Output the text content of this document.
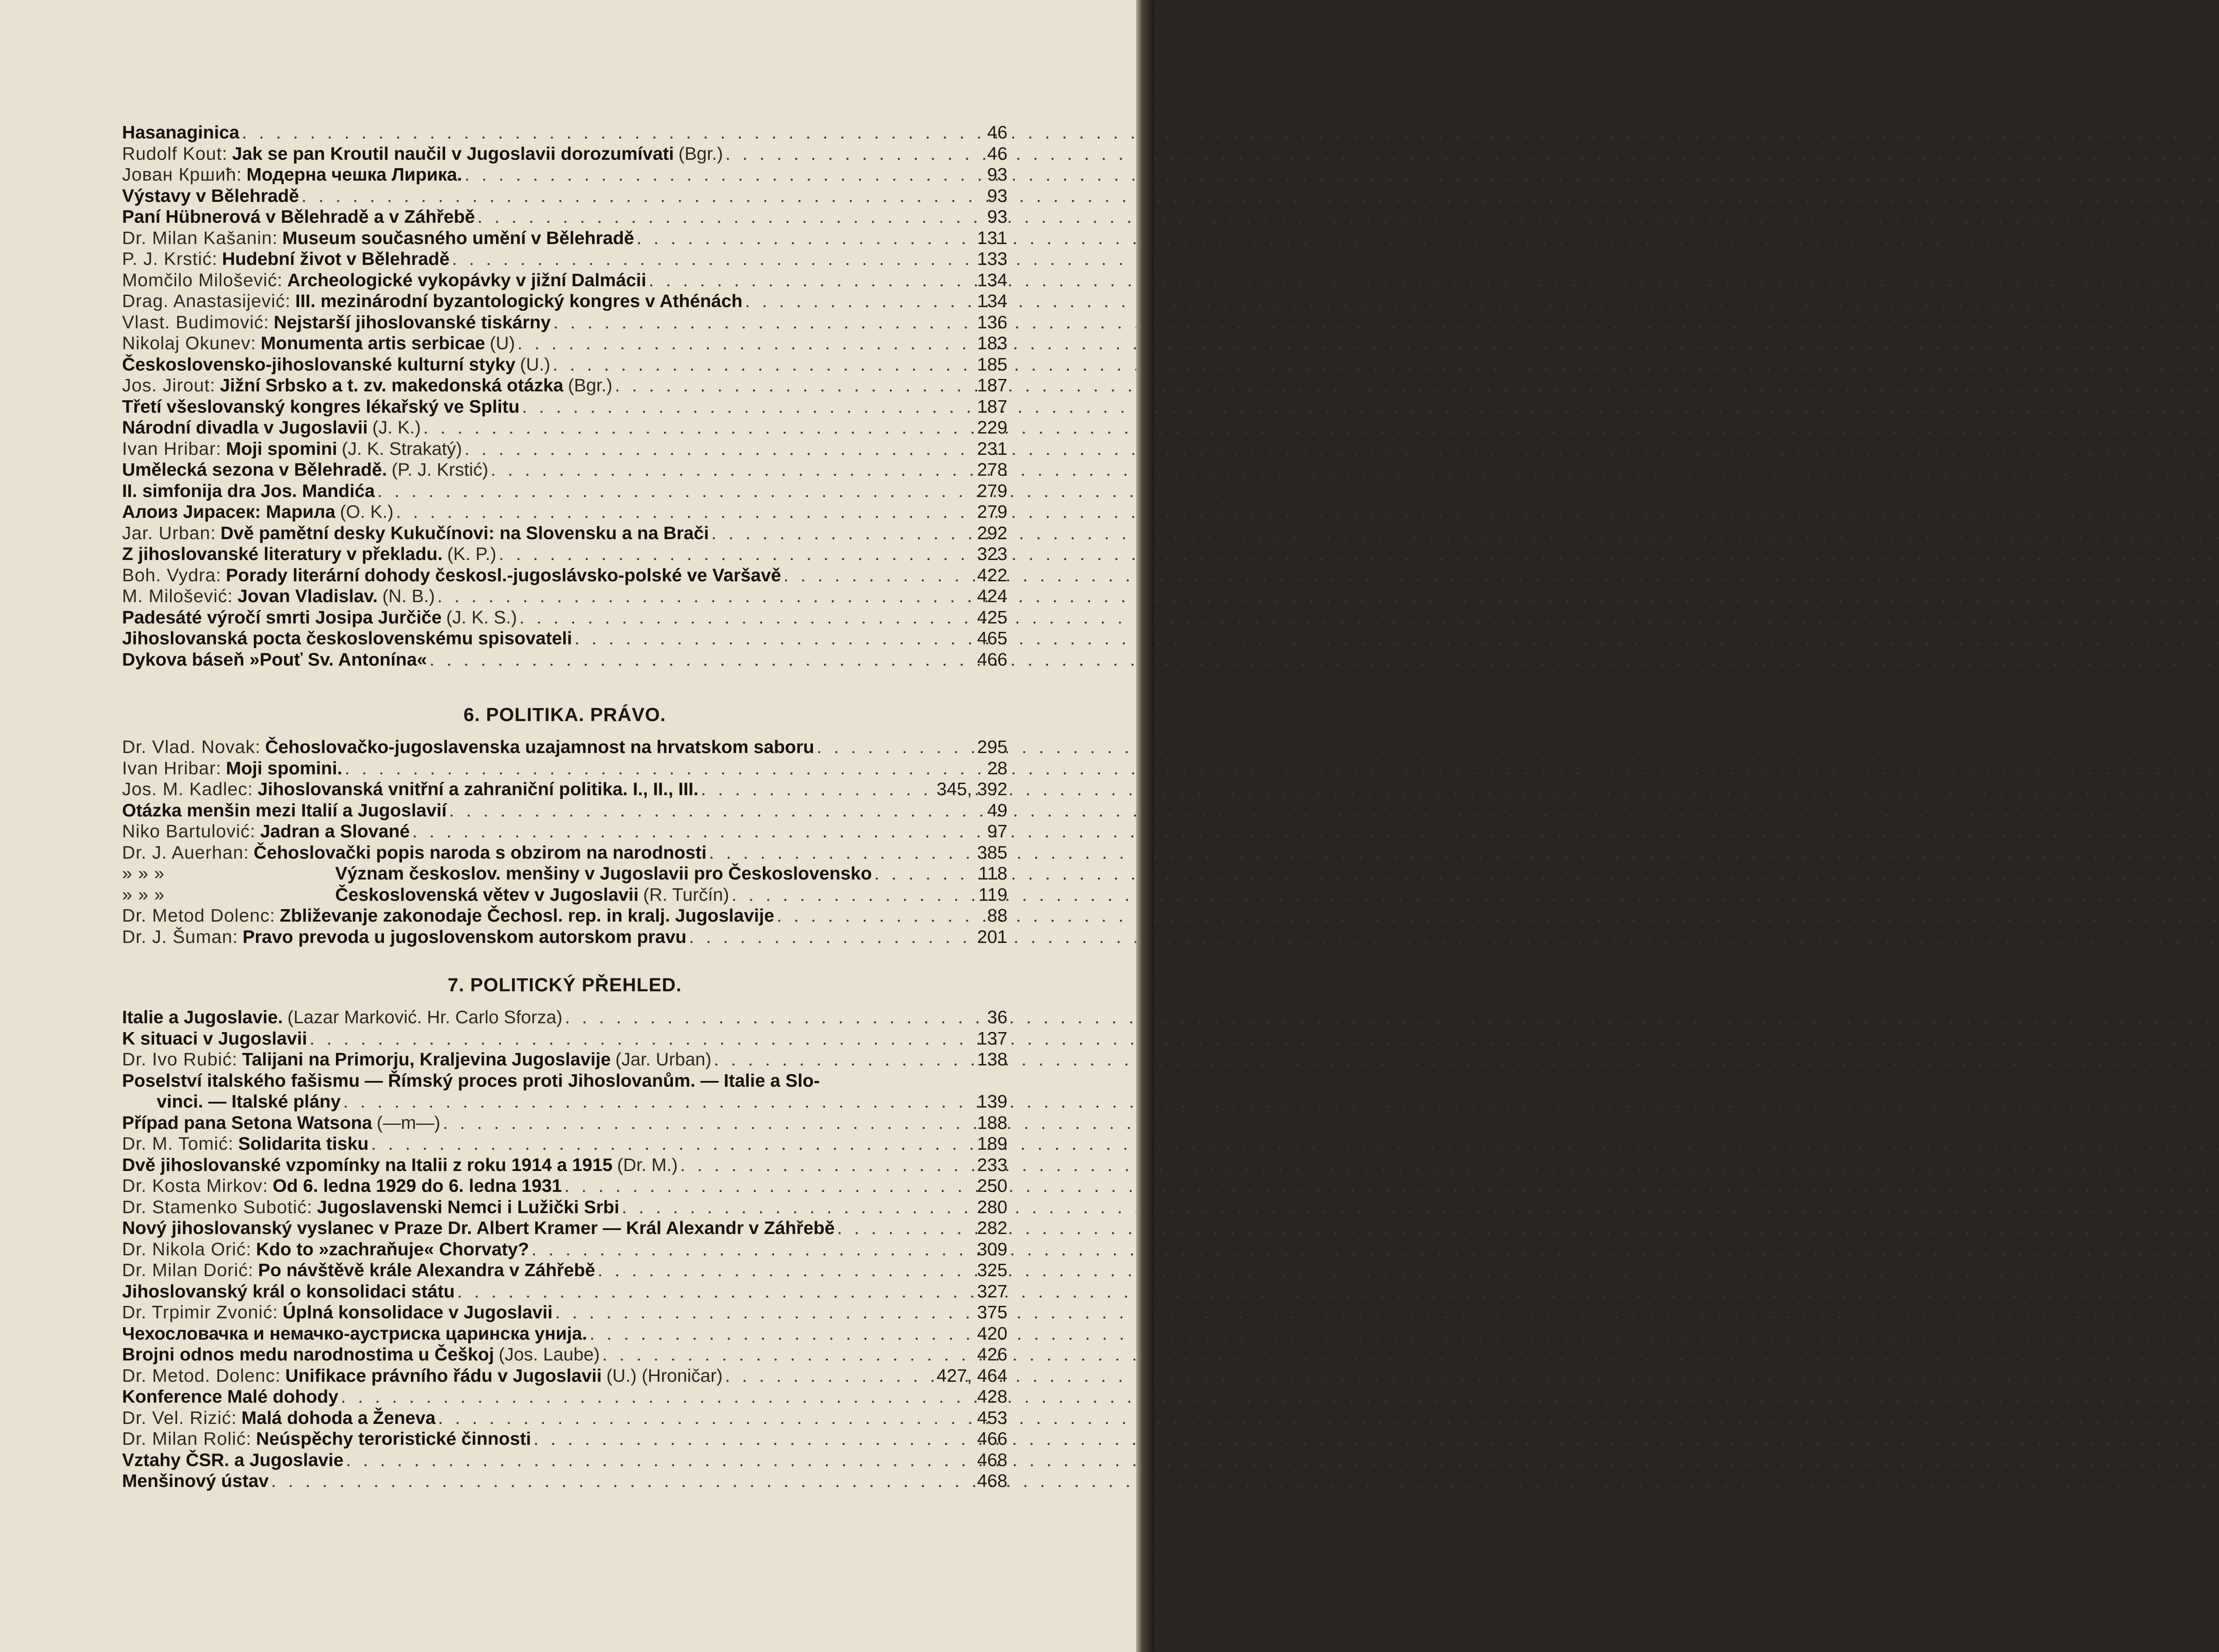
Hasanaginica . . .	46
Rudolf Kout: Jak se pan Kroutil naučil v Jugoslavii dorozumívati (Bgr.) . . .	46
Јован Кршић: Модерна чешка Лирика. . . .	93
Výstavy v Bělehradě . . .	93
Paní Hübnerová v Bělehradě a v Záhřebě . . .	93
Dr. Milan Kašanin: Museum současného umění v Bělehradě . . .	131
P. J. Krstić: Hudební život v Bělehradě . . .	133
Momčilo Milošević: Archeologické vykopávky v jižní Dalmácii . . .	134
Drag. Anastasijević: III. mezinárodní byzantologický kongres v Athénách . . .	134
Vlast. Budimović: Nejstarší jihoslovanské tiskárny . . .	136
Nikolaj Okunev: Monumenta artis serbicae (U) . . .	183
Československo-jihoslovanské kulturní styky (U.) . . .	185
Jos. Jirout: Jižní Srbsko a t. zv. makedonská otázka (Bgr.) . . .	187
Třetí všeslovanský kongres lékařský ve Splitu . . .	187
Národní divadla v Jugoslavii (J. K.) . . .	229
Ivan Hribar: Moji spomini (J. K. Strakatý) . . .	231
Umělecká sezona v Bělehradě. (P. J. Krstić) . . .	278
II. simfonija dra Jos. Mandića . . .	279
Алоиз Јирасек: Марила (O. K.) . . .	279
Jar. Urban: Dvě pamětní desky Kukučínovi: na Slovensku a na Brači . . .	292
Z jihoslovanské literatury v překladu. (K. P.) . . .	323
Boh. Vydra: Porady literární dohody českosl.-jugoslávsko-polské ve Varšavě . . .	422
M. Milošević: Jovan Vladislav. (N. B.) . . .	424
Padesáté výročí smrti Josipa Jurčiče (J. K. S.) . . .	425
Jihoslovanská pocta československému spisovateli . . .	465
Dykova báseň »Pouť Sv. Antonína« . . .	466
6. POLITIKA. PRÁVO.
Dr. Vlad. Novak: Čehoslovačko-jugoslavenska uzajamnost na hrvatskom saboru . . .	295
Ivan Hribar: Moji spomini. . . .	28
Jos. M. Kadlec: Jihoslovanská vnitřní a zahraniční politika. I., II., III. . . .	345, 392
Otázka menšin mezi Italií a Jugoslavií . . .	49
Niko Bartulović: Jadran a Slované . . .	97
Dr. J. Auerhan: Čehoslovački popis naroda s obzirom na narodnosti . . .	385
» » »	Význam českoslov. menšiny v Jugoslavii pro Československo . . .	118
» » »	Československá větev v Jugoslavii (R. Turčín) . . .	119
Dr. Metod Dolenc: Zbliževanje zakonodaje Čechosl. rep. in kralj. Jugoslavije . . .	88
Dr. J. Šuman: Pravo prevoda u jugoslovenskom autorskom pravu . . .	201
7. POLITICKÝ PŘEHLED.
Italie a Jugoslavie. (Lazar Marković. Hr. Carlo Sforza) . . .	36
K situaci v Jugoslavii . . .	137
Dr. Ivo Rubić: Talijani na Primorju, Kraljevina Jugoslavije (Jar. Urban) . . .	138
Poselství italského fašismu — Římský proces proti Jihoslovanům. — Italie a Slo-
vinci. — Italské plány . . .	139
Případ pana Setona Watsona (—m—) . . .	188
Dr. M. Tomić: Solidarita tisku . . .	189
Dvě jihoslovanské vzpomínky na Italii z roku 1914 a 1915 (Dr. M.) . . .	233
Dr. Kosta Mirkov: Od 6. ledna 1929 do 6. ledna 1931 . . .	250
Dr. Stamenko Subotić: Jugoslavenski Nemci i Lužički Srbi . . .	280
Nový jihoslovanský vyslanec v Praze Dr. Albert Kramer — Král Alexandr v Záhřebě . . .	282
Dr. Nikola Orić: Kdo to »zachraňuje« Chorvaty? . . .	309
Dr. Milan Dorić: Po návštěvě krále Alexandra v Záhřebě . . .	325
Jihoslovanský král o konsolidaci státu . . .	327
Dr. Trpimir Zvonić: Úplná konsolidace v Jugoslavii . . .	375
Чехословачка и немачко-аустриска царинска унија. . . .	420
Brojni odnos medu narodnostima u Češkoj (Jos. Laube) . . .	426
Dr. Metod. Dolenc: Unifikace právního řádu v Jugoslavii (U.) (Hroničar) . . .	427, 464
Konference Malé dohody . . .	428
Dr. Vel. Rizić: Malá dohoda a Ženeva . . .	453
Dr. Milan Rolić: Neúspěchy teroristické činnosti . . .	466
Vztahy ČSR. a Jugoslavie . . .	468
Menšinový ústav . . .	468
